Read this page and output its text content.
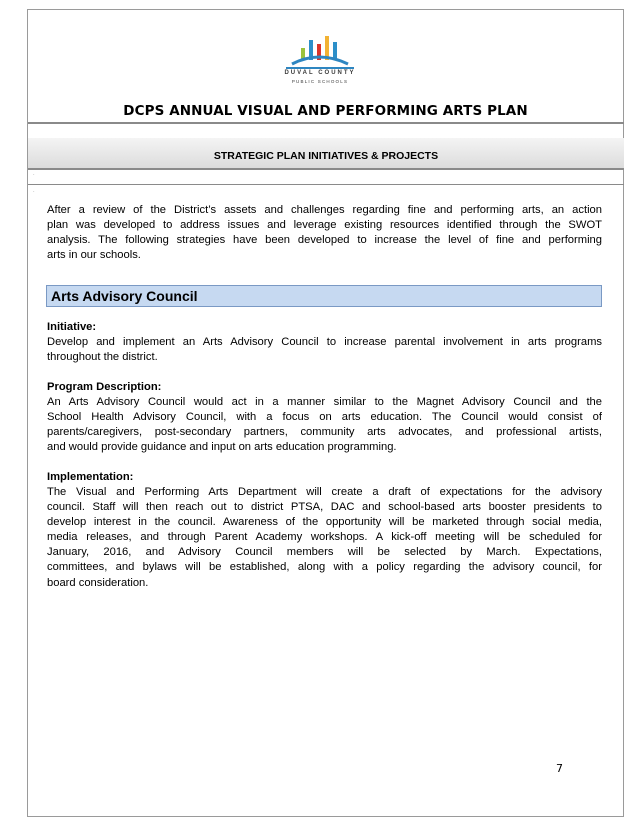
DUVAL COUNTY
PUBLIC SCHOOLS
DCPS ANNUAL VISUAL AND PERFORMING ARTS PLAN
STRATEGIC PLAN INITIATIVES & PROJECTS
·
·
After a review of the District’s assets and challenges regarding fine and performing arts, an action
plan was developed to address issues and leverage existing resources identified through the SWOT
analysis. The following strategies have been developed to increase the level of fine and performing
arts in our schools.
Arts Advisory Council
Initiative:
Develop and implement an Arts Advisory Council to increase parental involvement in arts programs
throughout the district.
Program Description:
An Arts Advisory Council would act in a manner similar to the Magnet Advisory Council and the
School Health Advisory Council, with a focus on arts education. The Council would consist of
parents/caregivers, post-secondary partners, community arts advocates, and professional artists,
and would provide guidance and input on arts education programming.
Implementation:
The Visual and Performing Arts Department will create a draft of expectations for the advisory
council. Staff will then reach out to district PTSA, DAC and school-based arts booster presidents to
develop interest in the council. Awareness of the opportunity will be marketed through social media,
media releases, and through Parent Academy workshops. A kick-off meeting will be scheduled for
January, 2016, and Advisory Council members will be selected by March. Expectations,
committees, and bylaws will be established, along with a policy regarding the advisory council, for
board consideration.
7
